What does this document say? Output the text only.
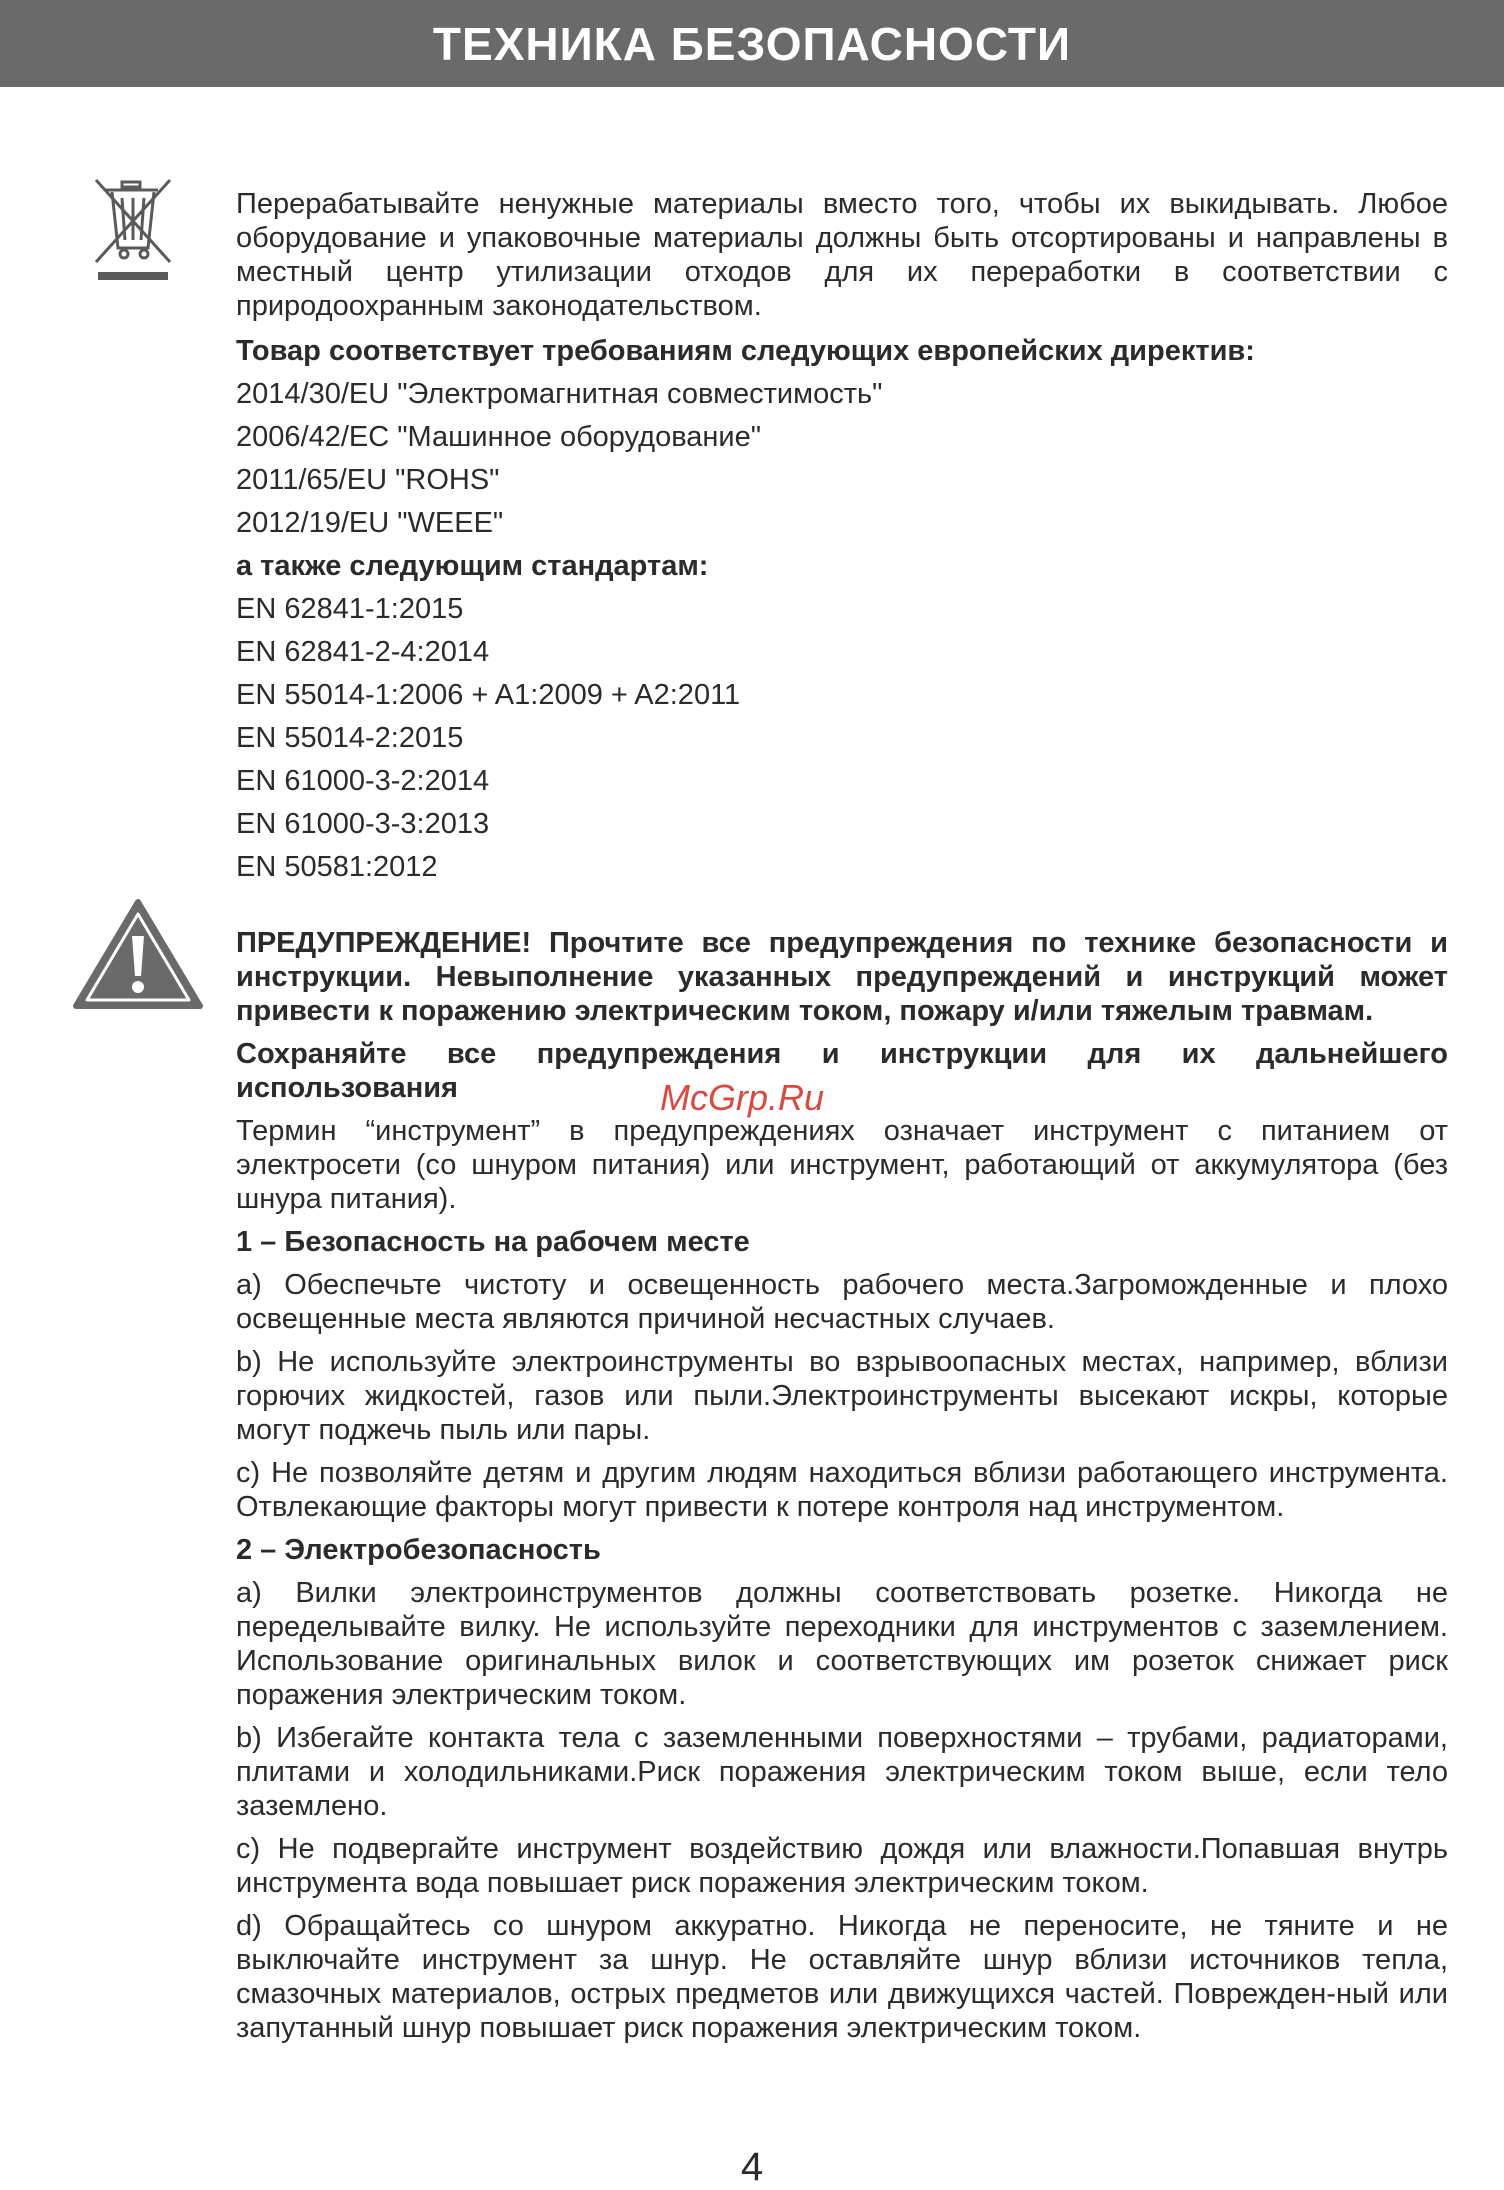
ТЕХНИКА БЕЗОПАСНОСТИ

Перерабатывайте ненужные материалы вместо того, чтобы их выкидывать. Любое оборудование и упаковочные материалы должны быть отсортированы и направлены в местный центр утилизации отходов для их переработки в соответствии с природоохранным законодательством.

Товар соответствует требованиям следующих европейских директив:

2014/30/EU "Электромагнитная совместимость"

2006/42/EC "Машинное оборудование"

2011/65/EU "ROHS"

2012/19/EU "WEEE"

а также следующим стандартам:

EN 62841-1:2015

EN 62841-2-4:2014

EN 55014-1:2006 + A1:2009 + A2:2011

EN 55014-2:2015

EN 61000-3-2:2014

EN 61000-3-3:2013

EN 50581:2012

ПРЕДУПРЕЖДЕНИЕ! Прочтите все предупреждения по технике безопасности и инструкции. Невыполнение указанных предупреждений и инструкций может привести к поражению электрическим током, пожару и/или тяжелым травмам.

Сохраняйте все предупреждения и инструкции для их дальнейшего использования

Термин “инструмент” в предупреждениях означает инструмент с питанием от электросети (со шнуром питания) или инструмент, работающий от аккумулятора (без шнура питания).

1 – Безопасность на рабочем месте

a) Обеспечьте чистоту и освещенность рабочего места.Загроможденные и плохо освещенные места являются причиной несчастных случаев.

b) Не используйте электроинструменты во взрывоопасных местах, например, вблизи горючих жидкостей, газов или пыли.Электроинструменты высекают искры, которые могут поджечь пыль или пары.

c) Не позволяйте детям и другим людям находиться вблизи работающего инструмента. Отвлекающие факторы могут привести к потере контроля над инструментом.

2 – Электробезопасность

a) Вилки электроинструментов должны соответствовать розетке. Никогда не переделывайте вилку. Не используйте переходники для инструментов с заземлением. Использование оригинальных вилок и соответствующих им розеток снижает риск поражения электрическим током.

b) Избегайте контакта тела с заземленными поверхностями – трубами, радиаторами, плитами и холодильниками.Риск поражения электрическим током выше, если тело заземлено.

c) Не подвергайте инструмент воздействию дождя или влажности.Попавшая внутрь инструмента вода повышает риск поражения электрическим током.

d) Обращайтесь со шнуром аккуратно. Никогда не переносите, не тяните и не выключайте инструмент за шнур. Не оставляйте шнур вблизи источников тепла, смазочных материалов, острых предметов или движущихся частей. Поврежден-ный или запутанный шнур повышает риск поражения электрическим током.

McGrp.Ru
4
